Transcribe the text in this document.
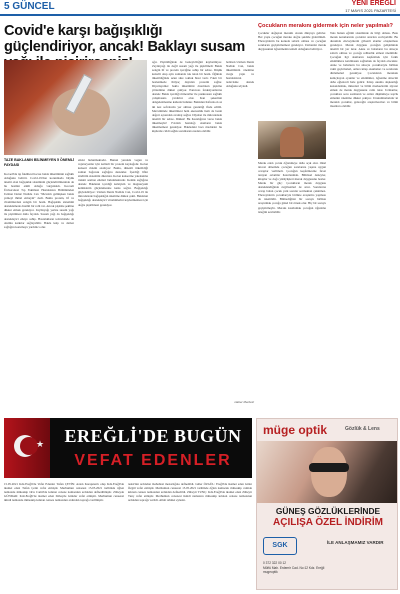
5 GÜNCEL	YENİ EREĞLİ
17 MAYIS 2021 PAZARTESİ
Covid'e karşı bağışıklığı güçlendiriyor, ancak! Baklayı susam
TAZE BAKLANIN BİLİNMEYEN 5 ÖNEMLİ FAYDASI
Kocaeli'de tıp fakültesi hocası bakla tüketiminin sağlıklı olduğunu belirtti. Covid-19'dan korunmada büyük önemi olan bağışıklık sisteminin güçlendirilmesinde de bu besinin etkili olduğu vurgulandı. Kocaeli Üniversitesi Tıp Fakültesi Hastalıkları Bölümünden Uzman Deniz Nadide Can "Mevsim gelmişken bakla yemeyi ihmal etmeyin" dedi. Bakla protein, lif ve vitaminlerden zengin bir besin. Bağışıklık sistemini desteklemede önemli bir rolü var. Ancak pişirme şekline dikkat etmek gerekiyor. Zeytinyağı yerine susam yağı ile pişirilmesi daha faydalı. Susam yağı da bağışıklığı destekleyici etkiye sahip. Hastalıkların tedavisinde de olumlu katkılar sağlayabilir. Bakla kalp ve damar sağlığını korumaya yardımcı olur.
etkisi bulunmaktadır. Bunun yanında vegan ve vejetaryenler için kaliteli bir protein kaynağıdır. Kolon kanseri riskini azaltıyor: Bakla, düzenli tüketildiği zaman bağırsak sağlığını destekler. İçerdiği lifler sindirim sistemini düzenler. Kolon kanserine yakalanma riskini azaltan etkileri bulunmaktadır. Kemik sağlığına destek: Baklanın içerdiği kalsiyum ve magnezyum kemiklerin güçlenmesine katkı sağlar. Bağışıklığı güçlendiriyor: Uzman Deniz Nadide Can, Covid-19 ile mücadelede bağışıklığın önemine dikkat çekti. Baklanın bağışıklığı destekleyici vitaminlerini kaybetmemesi için doğru pişirilmesi gerekiyor.
ağır. Pişirildiğinde de besleyiciliğini kaybetmiyor. Zeytinyağı ile değil susam yağı ile pişirilmeli: Bakla zengin lif ve protein içeriğine sahip bir sebze. Düşük kalorili olup aynı zamanda tok tutan bir besin. Öğünde tüketildiğinde uzun süre tokluk hissi verir. Fakir bir beslenmede ihtiyaç duyulan proteini sağlar. Diyetisyenler bakla tüketimini önerirken pişirme yöntemine dikkat çekiyor. Pancreas fonksiyonlarına destek: Bakla içerdiği mineraller ile pankreasın sağlıklı çalışmasına yardımcı olur. Kan şekerinin dengelenmesine katkıda bulunur. Baklanın haftada en az iki kez sofralarda yer alması gerektiği ifade edildi. Mevsiminde tüketilmesi hem ekonomik hem de besin değeri açısından avantaj sağlar. Diyabet ile mücadelede önemli bir sebze. Dikkat! Bu hastalığınız varsa bakla tüketmeyin! Favizm hastalığı olanların bakla tüketmemesi gerekiyor. Bakladaki bazı maddeler bu kişilerde ciddi sağlık sorunlarına neden olabilir.
belirten Uzman Deniz Nadide Can, bakla tüketiminin önemine vurgu yaptı ve hastalıkların tedavisine destek olduğunu söyledi.
Haber Merkezi
Çocukların merakını gidermek için neler yapılmalı?
Çocuklar doğuştan meraklı olarak dünyaya gelirler. Her yaşta çocuğun merakı doğru şekilde giderilmeli. Ebeveynlerin bu konuda sabırlı olması ve çocuğun sorularını geçiştirmemesi gerekiyor. Uzmanlar merak duygusunun öğrenmenin temeli olduğunu belirtiyor.
Merak eden çocuk öğrenmeye daha açık olur. Okul öncesi dönemde çocuğun sorularına yaşına uygun cevaplar verilmeli. Çocuğun keşfetmesine fırsat tanıyan ortamlar hazırlanmalı. Bilimsel deneyler, kitaplar ve doğa yürüyüşleri merak duygusunu besler. Merak bir güç: Çocukların merak duygusu desteklendiğinde özgüvenleri de artar. Sorularına cevap bulan çocuk yeni sorular sormaktan çekinmez. Ebeveynlerin çocuklarıyla birlikte araştırma yapması da önemlidir. Bilmediğiniz bir soruyu birlikte araştırmak çocuğa güzel bir örnek olur. Hiç bir soruyu geçiştirmeyin. Merakı kısıtlamak çocuğun öğrenme isteğini azaltabilir.
Takı bunun eğitim sisteminde de bilgi olması. Bazı merak konularında çocuklar sınırları zorlayabilir. Bu durumda ebeveynlerin güvenli alanlar oluşturması gerekiyor. Merak duygusu çocuğun gelişiminde önemli bir yer tutar. Anne ve babaların bu süreçte sabırlı olması ve çocuğa rehberlik etmesi önemlidir. Çocuğun ilgi alanlarını keşfetmek için farklı etkinliklere katılmasını sağlamak da faydalı olacaktır. Anne ve babaların bu süreçte çocuklarıyla birlikte vakit geçirmeleri, onlara kitap okumaları ve sorularını dinlemeleri gerekiyor. Çocukların merakını kamçılayan oyunlar ve etkinlikler, öğrenme sürecini daha eğlenceli hale getirir. Kitap okuma alışkanlığı kazandırmak, müzeleri ve bilim merkezlerini ziyaret etmek de merak duygusunu canlı tutar. Uzmanlar, çocuklara soru sormanın ve onları düşünmeye teşvik etmenin önemine dikkat çekiyor. Unutulmamalıdır ki meraklı çocuklar, geleceğin araştırmacıları ve bilim insanları olabilir.
★	EREĞLİ'DE BUGÜN
VEFAT EDENLER
15.05.2021 Kdz.Ereğli'de Vefat Edenler Tufan ÇETİN: Aslen Karapınarlı olup Kdz.Ereğli'de ikamet eden Tufan Çetin vefat etmiştir. Merhumun cenazesi 15.05.2021 tarihinde öğlen namazını müteakip Orta Camii'de kılınan cenaze namazının ardından defnedilmiştir. Zübeyde GÜNDAR: Kdz.Ereğli'de ikamet eden Zübeyde Gündar vefat etmiştir. Merhumun cenazesi ikindi namazını müteakip kılınan cenaze namazının ardından toprağa verilmiştir.
tesisi'nin ardından mahallesi mezarlığına defnedildi. Güler ÖZGÜL: Ereğli'de ikamet eden Güler Özgül vefat etmiştir. Merhumun cenazesi 15.05.2021 tarihinde öğlen namazını müteakip camide kılınan cenaze namazının ardından defnedildi. Zübeyir TUNÇ: Kdz.Ereğli'de ikamet eden Zübeyir Tunç vefat etmiştir. Merhumun cenazesi ikindi namazını müteakip kılınan cenaze namazının ardından toprağa verildi. Allah rahmet eylesin.
müge optik	Gözlük & Lens
GÜNEŞ GÖZLÜKLERİNDE
AÇILIŞA ÖZEL İNDİRİM
SGK	İLE ANLAŞMAMIZ VARDIR
0 372 322 00 12
Müftü Mah. Erdemir Cad. No:12 Kdz. Ereğli
mugeoptik
